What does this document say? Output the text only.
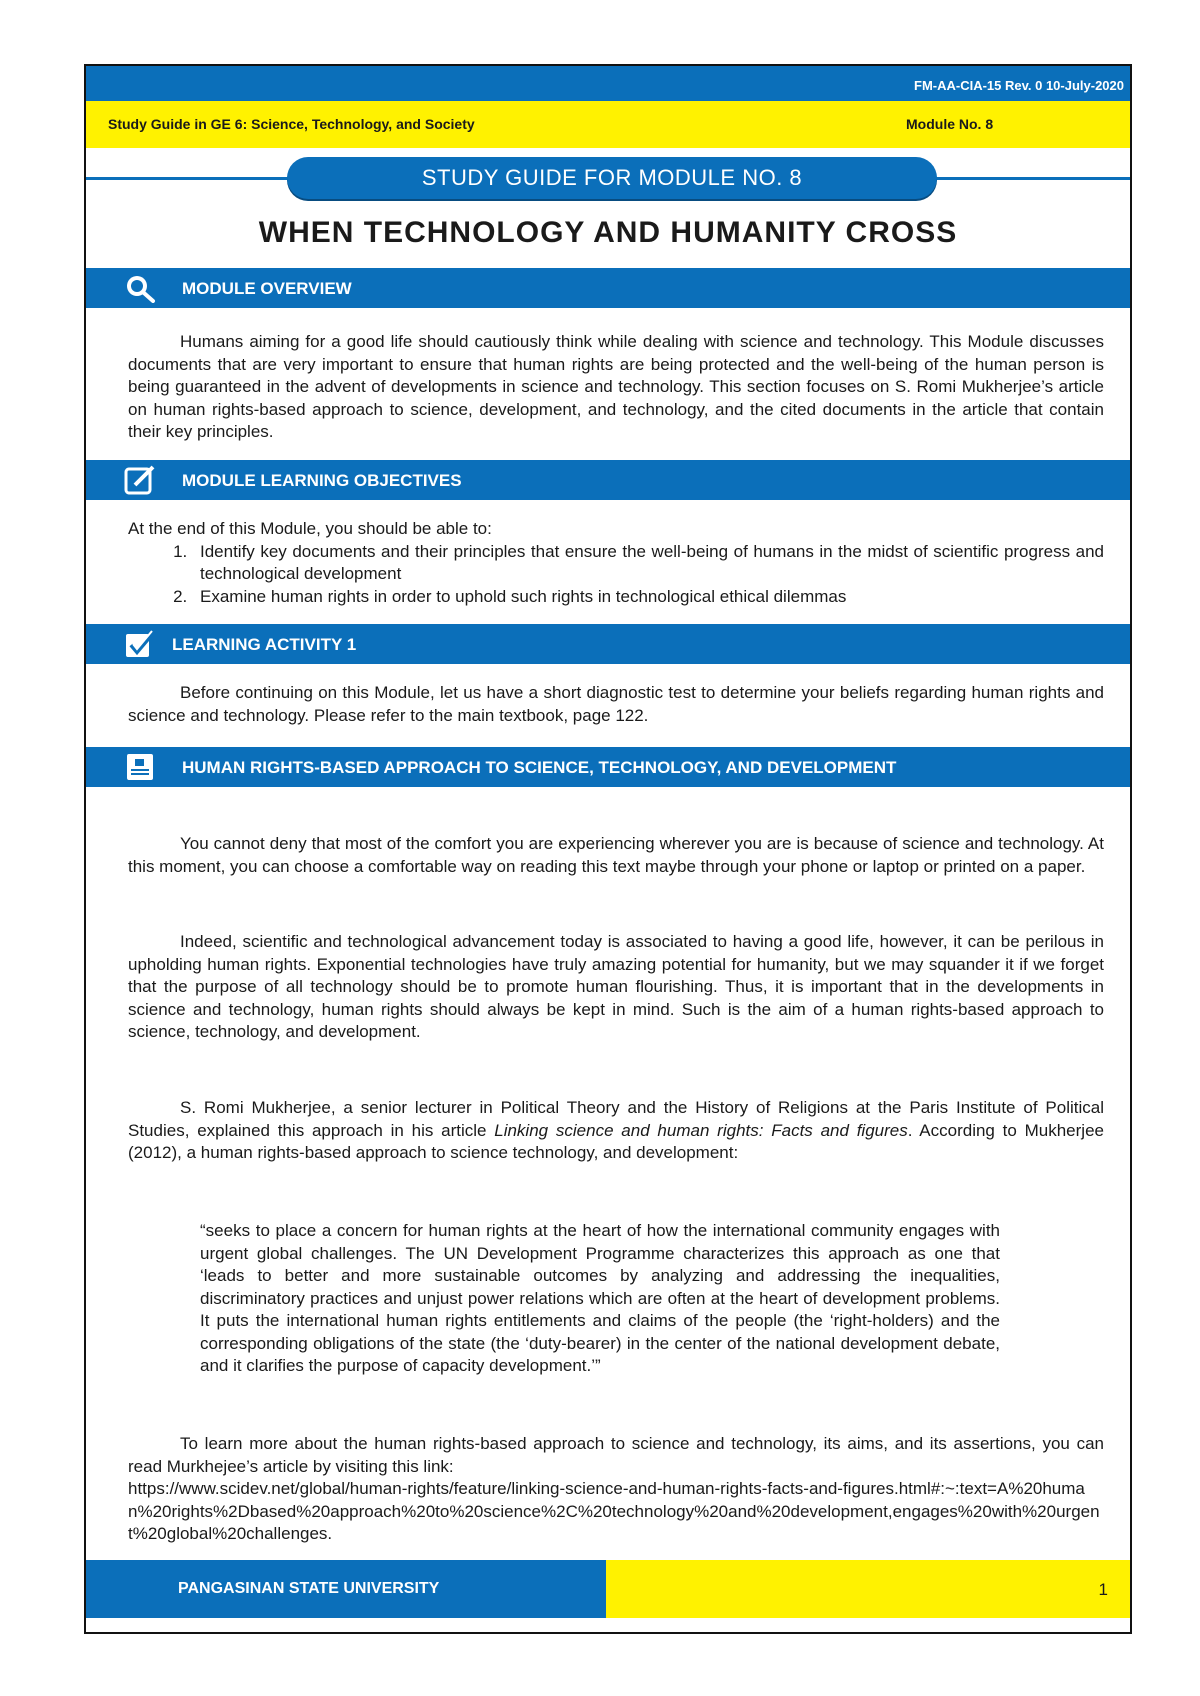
FM-AA-CIA-15 Rev. 0 10-July-2020
Study Guide in GE 6: Science, Technology, and Society	Module No. 8
STUDY GUIDE FOR MODULE NO. 8
WHEN TECHNOLOGY AND HUMANITY CROSS
MODULE OVERVIEW

Humans aiming for a good life should cautiously think while dealing with science and technology. This Module discusses documents that are very important to ensure that human rights are being protected and the well-being of the human person is being guaranteed in the advent of developments in science and technology. This section focuses on S. Romi Mukherjee’s article on human rights-based approach to science, development, and technology, and the cited documents in the article that contain their key principles.

MODULE LEARNING OBJECTIVES

At the end of this Module, you should be able to:

1. Identify key documents and their principles that ensure the well-being of humans in the midst of scientific progress and technological development
2. Examine human rights in order to uphold such rights in technological ethical dilemmas
LEARNING ACTIVITY 1

Before continuing on this Module, let us have a short diagnostic test to determine your beliefs regarding human rights and science and technology. Please refer to the main textbook, page 122.

HUMAN RIGHTS-BASED APPROACH TO SCIENCE, TECHNOLOGY, AND DEVELOPMENT

You cannot deny that most of the comfort you are experiencing wherever you are is because of science and technology. At this moment, you can choose a comfortable way on reading this text maybe through your phone or laptop or printed on a paper.

Indeed, scientific and technological advancement today is associated to having a good life, however, it can be perilous in upholding human rights. Exponential technologies have truly amazing potential for humanity, but we may squander it if we forget that the purpose of all technology should be to promote human flourishing. Thus, it is important that in the developments in science and technology, human rights should always be kept in mind. Such is the aim of a human rights-based approach to science, technology, and development.

S. Romi Mukherjee, a senior lecturer in Political Theory and the History of Religions at the Paris Institute of Political Studies, explained this approach in his article Linking science and human rights: Facts and figures. According to Mukherjee (2012), a human rights-based approach to science technology, and development:

“seeks to place a concern for human rights at the heart of how the international community engages with urgent global challenges. The UN Development Programme characterizes this approach as one that ‘leads to better and more sustainable outcomes by analyzing and addressing the inequalities, discriminatory practices and unjust power relations which are often at the heart of development problems. It puts the international human rights entitlements and claims of the people (the ‘right-holders) and the corresponding obligations of the state (the ‘duty-bearer) in the center of the national development debate, and it clarifies the purpose of capacity development.’”

To learn more about the human rights-based approach to science and technology, its aims, and its assertions, you can read Murkhejee’s article by visiting this link:

https://www.scidev.net/global/human-rights/feature/linking-science-and-human-rights-facts-and-figures.html#:~:text=A%20human%20rights%2Dbased%20approach%20to%20science%2C%20technology%20and%20development,engages%20with%20urgent%20global%20challenges.

PANGASINAN STATE UNIVERSITY	1
